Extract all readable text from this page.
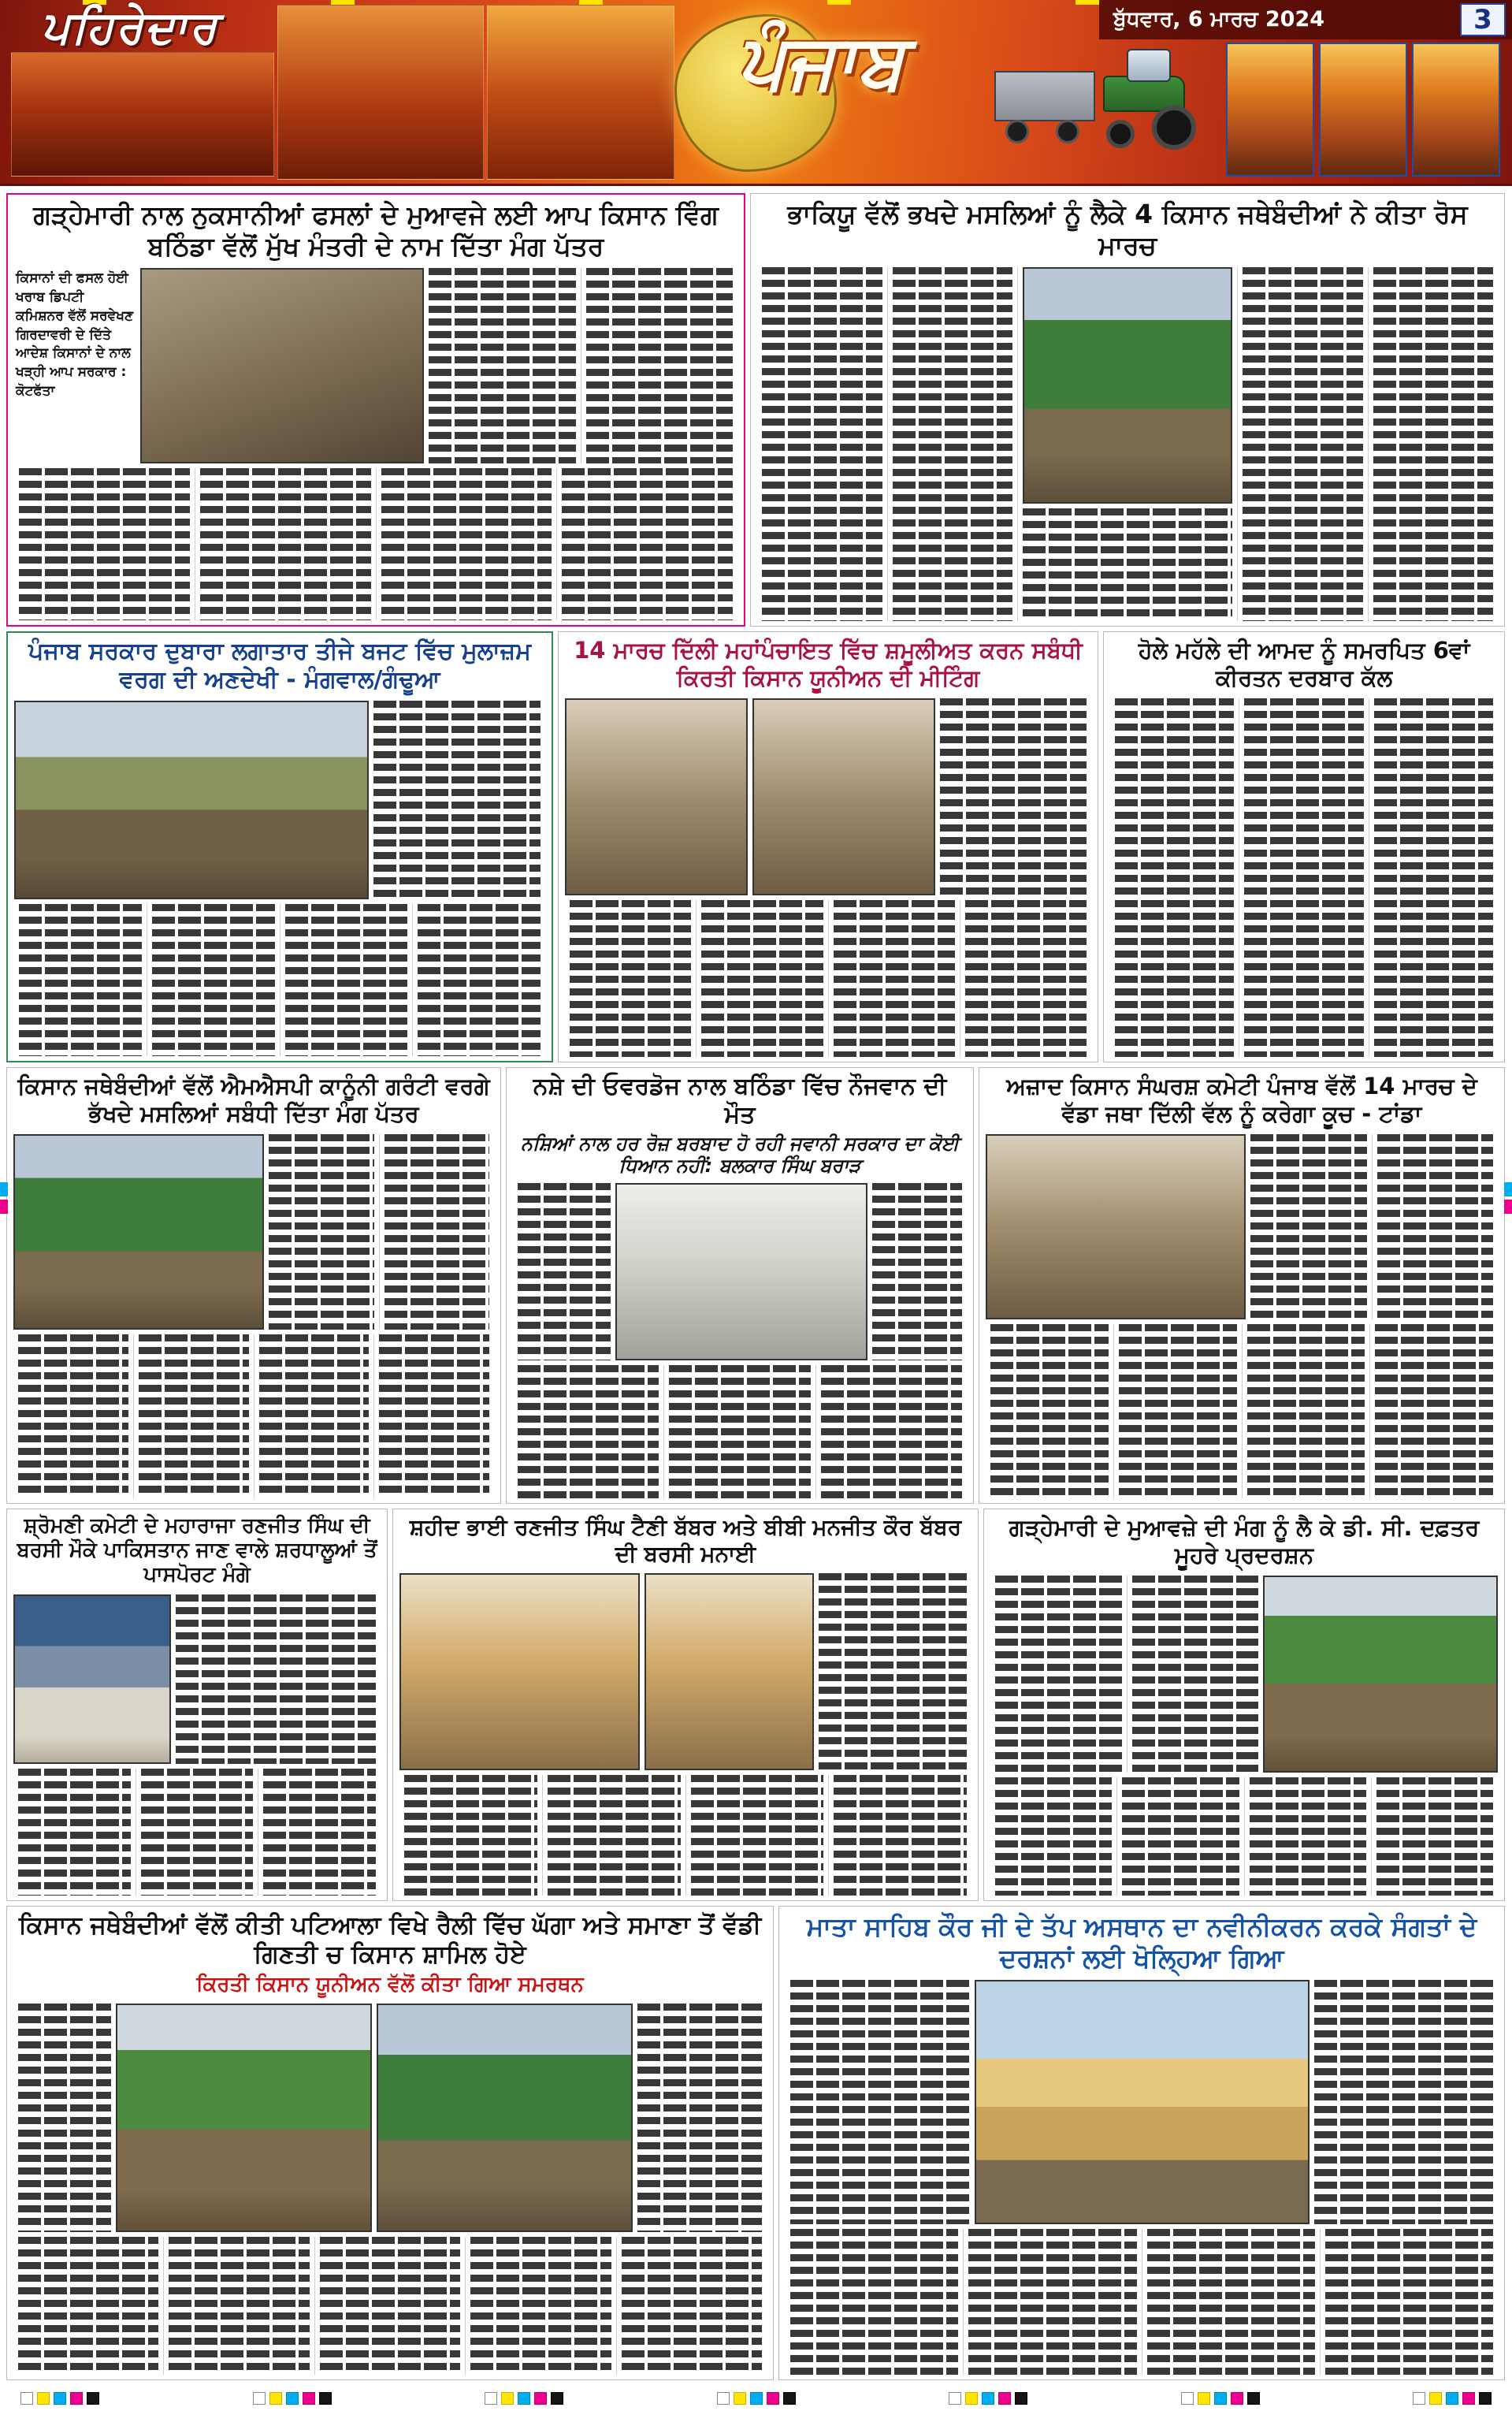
ਪਹਿਰੇਦਾਰ	ਪੰਜਾਬ	ਬੁੱਧਵਾਰ, 6 ਮਾਰਚ 2024	3
ਗੜ੍ਹੇਮਾਰੀ ਨਾਲ ਨੁਕਸਾਨੀਆਂ ਫਸਲਾਂ ਦੇ ਮੁਆਵਜੇ ਲਈ ਆਪ ਕਿਸਾਨ ਵਿੰਗ ਬਠਿੰਡਾ ਵੱਲੋਂ ਮੁੱਖ ਮੰਤਰੀ ਦੇ ਨਾਮ ਦਿੱਤਾ ਮੰਗ ਪੱਤਰ
ਕਿਸਾਨਾਂ ਦੀ ਫਸਲ ਹੋਈ ਖਰਾਬ ਡਿਪਟੀ ਕਮਿਸ਼ਨਰ ਵੱਲੋਂ ਸਰਵੇਖਣ ਗਿਰਦਾਵਰੀ ਦੇ ਦਿੱਤੇ ਆਦੇਸ਼ ਕਿਸਾਨਾਂ ਦੇ ਨਾਲ ਖੜ੍ਹੀ ਆਪ ਸਰਕਾਰ : ਕੋਟਫੱਤਾ
ਭਾਕਿਯੂ ਵੱਲੋਂ ਭਖਦੇ ਮਸਲਿਆਂ ਨੂੰ ਲੈਕੇ 4 ਕਿਸਾਨ ਜਥੇਬੰਦੀਆਂ ਨੇ ਕੀਤਾ ਰੋਸ ਮਾਰਚ
ਪੰਜਾਬ ਸਰਕਾਰ ਦੁਬਾਰਾ ਲਗਾਤਾਰ ਤੀਜੇ ਬਜਟ ਵਿੱਚ ਮੁਲਾਜ਼ਮ ਵਰਗ ਦੀ ਅਣਦੇਖੀ - ਮੰਗਵਾਲ/ਗੰਢੂਆ
14 ਮਾਰਚ ਦਿੱਲੀ ਮਹਾਂਪੰਚਾਇਤ ਵਿੱਚ ਸ਼ਮੂਲੀਅਤ ਕਰਨ ਸਬੰਧੀ ਕਿਰਤੀ ਕਿਸਾਨ ਯੂਨੀਅਨ ਦੀ ਮੀਟਿੰਗ
ਹੋਲੇ ਮਹੱਲੇ ਦੀ ਆਮਦ ਨੂੰ ਸਮਰਪਿਤ 6ਵਾਂ ਕੀਰਤਨ ਦਰਬਾਰ ਕੱਲ
ਕਿਸਾਨ ਜਥੇਬੰਦੀਆਂ ਵੱਲੋਂ ਐਮਐਸਪੀ ਕਾਨੂੰਨੀ ਗਰੰਟੀ ਵਰਗੇ ਭੱਖਦੇ ਮਸਲਿਆਂ ਸਬੰਧੀ ਦਿੱਤਾ ਮੰਗ ਪੱਤਰ
ਨਸ਼ੇ ਦੀ ਓਵਰਡੋਜ ਨਾਲ ਬਠਿੰਡਾ ਵਿੱਚ ਨੌਜਵਾਨ ਦੀ ਮੌਤ
ਨਸ਼ਿਆਂ ਨਾਲ ਹਰ ਰੋਜ਼ ਬਰਬਾਦ ਹੋ ਰਹੀ ਜਵਾਨੀ ਸਰਕਾਰ ਦਾ ਕੋਈ ਧਿਆਨ ਨਹੀਂ: ਬਲਕਾਰ ਸਿੰਘ ਬਰਾੜ
ਅਜ਼ਾਦ ਕਿਸਾਨ ਸੰਘਰਸ਼ ਕਮੇਟੀ ਪੰਜਾਬ ਵੱਲੋਂ 14 ਮਾਰਚ ਦੇ ਵੱਡਾ ਜਥਾ ਦਿੱਲੀ ਵੱਲ ਨੂੰ ਕਰੇਗਾ ਕੂਚ - ਟਾਂਡਾ
ਸ਼੍ਰੋਮਣੀ ਕਮੇਟੀ ਦੇ ਮਹਾਰਾਜਾ ਰਣਜੀਤ ਸਿੰਘ ਦੀ ਬਰਸੀ ਮੌਕੇ ਪਾਕਿਸਤਾਨ ਜਾਣ ਵਾਲੇ ਸ਼ਰਧਾਲੂਆਂ ਤੋਂ ਪਾਸਪੋਰਟ ਮੰਗੇ
ਸ਼ਹੀਦ ਭਾਈ ਰਣਜੀਤ ਸਿੰਘ ਟੈਣੀ ਬੱਬਰ ਅਤੇ ਬੀਬੀ ਮਨਜੀਤ ਕੌਰ ਬੱਬਰ ਦੀ ਬਰਸੀ ਮਨਾਈ
ਗੜ੍ਹੇਮਾਰੀ ਦੇ ਮੁਆਵਜ਼ੇ ਦੀ ਮੰਗ ਨੂੰ ਲੈ ਕੇ ਡੀ. ਸੀ. ਦਫ਼ਤਰ ਮੂਹਰੇ ਪ੍ਰਦਰਸ਼ਨ
ਕਿਸਾਨ ਜਥੇਬੰਦੀਆਂ ਵੱਲੋਂ ਕੀਤੀ ਪਟਿਆਲਾ ਵਿਖੇ ਰੈਲੀ ਵਿੱਚ ਘੱਗਾ ਅਤੇ ਸਮਾਣਾ ਤੋਂ ਵੱਡੀ ਗਿਣਤੀ ਚ ਕਿਸਾਨ ਸ਼ਾਮਿਲ ਹੋਏ
ਕਿਰਤੀ ਕਿਸਾਨ ਯੂਨੀਅਨ ਵੱਲੋਂ ਕੀਤਾ ਗਿਆ ਸਮਰਥਨ
ਮਾਤਾ ਸਾਹਿਬ ਕੌਰ ਜੀ ਦੇ ਤੱਪ ਅਸਥਾਨ ਦਾ ਨਵੀਨੀਕਰਨ ਕਰਕੇ ਸੰਗਤਾਂ ਦੇ ਦਰਸ਼ਨਾਂ ਲਈ ਖੋਲ੍ਹਿਆ ਗਿਆ
